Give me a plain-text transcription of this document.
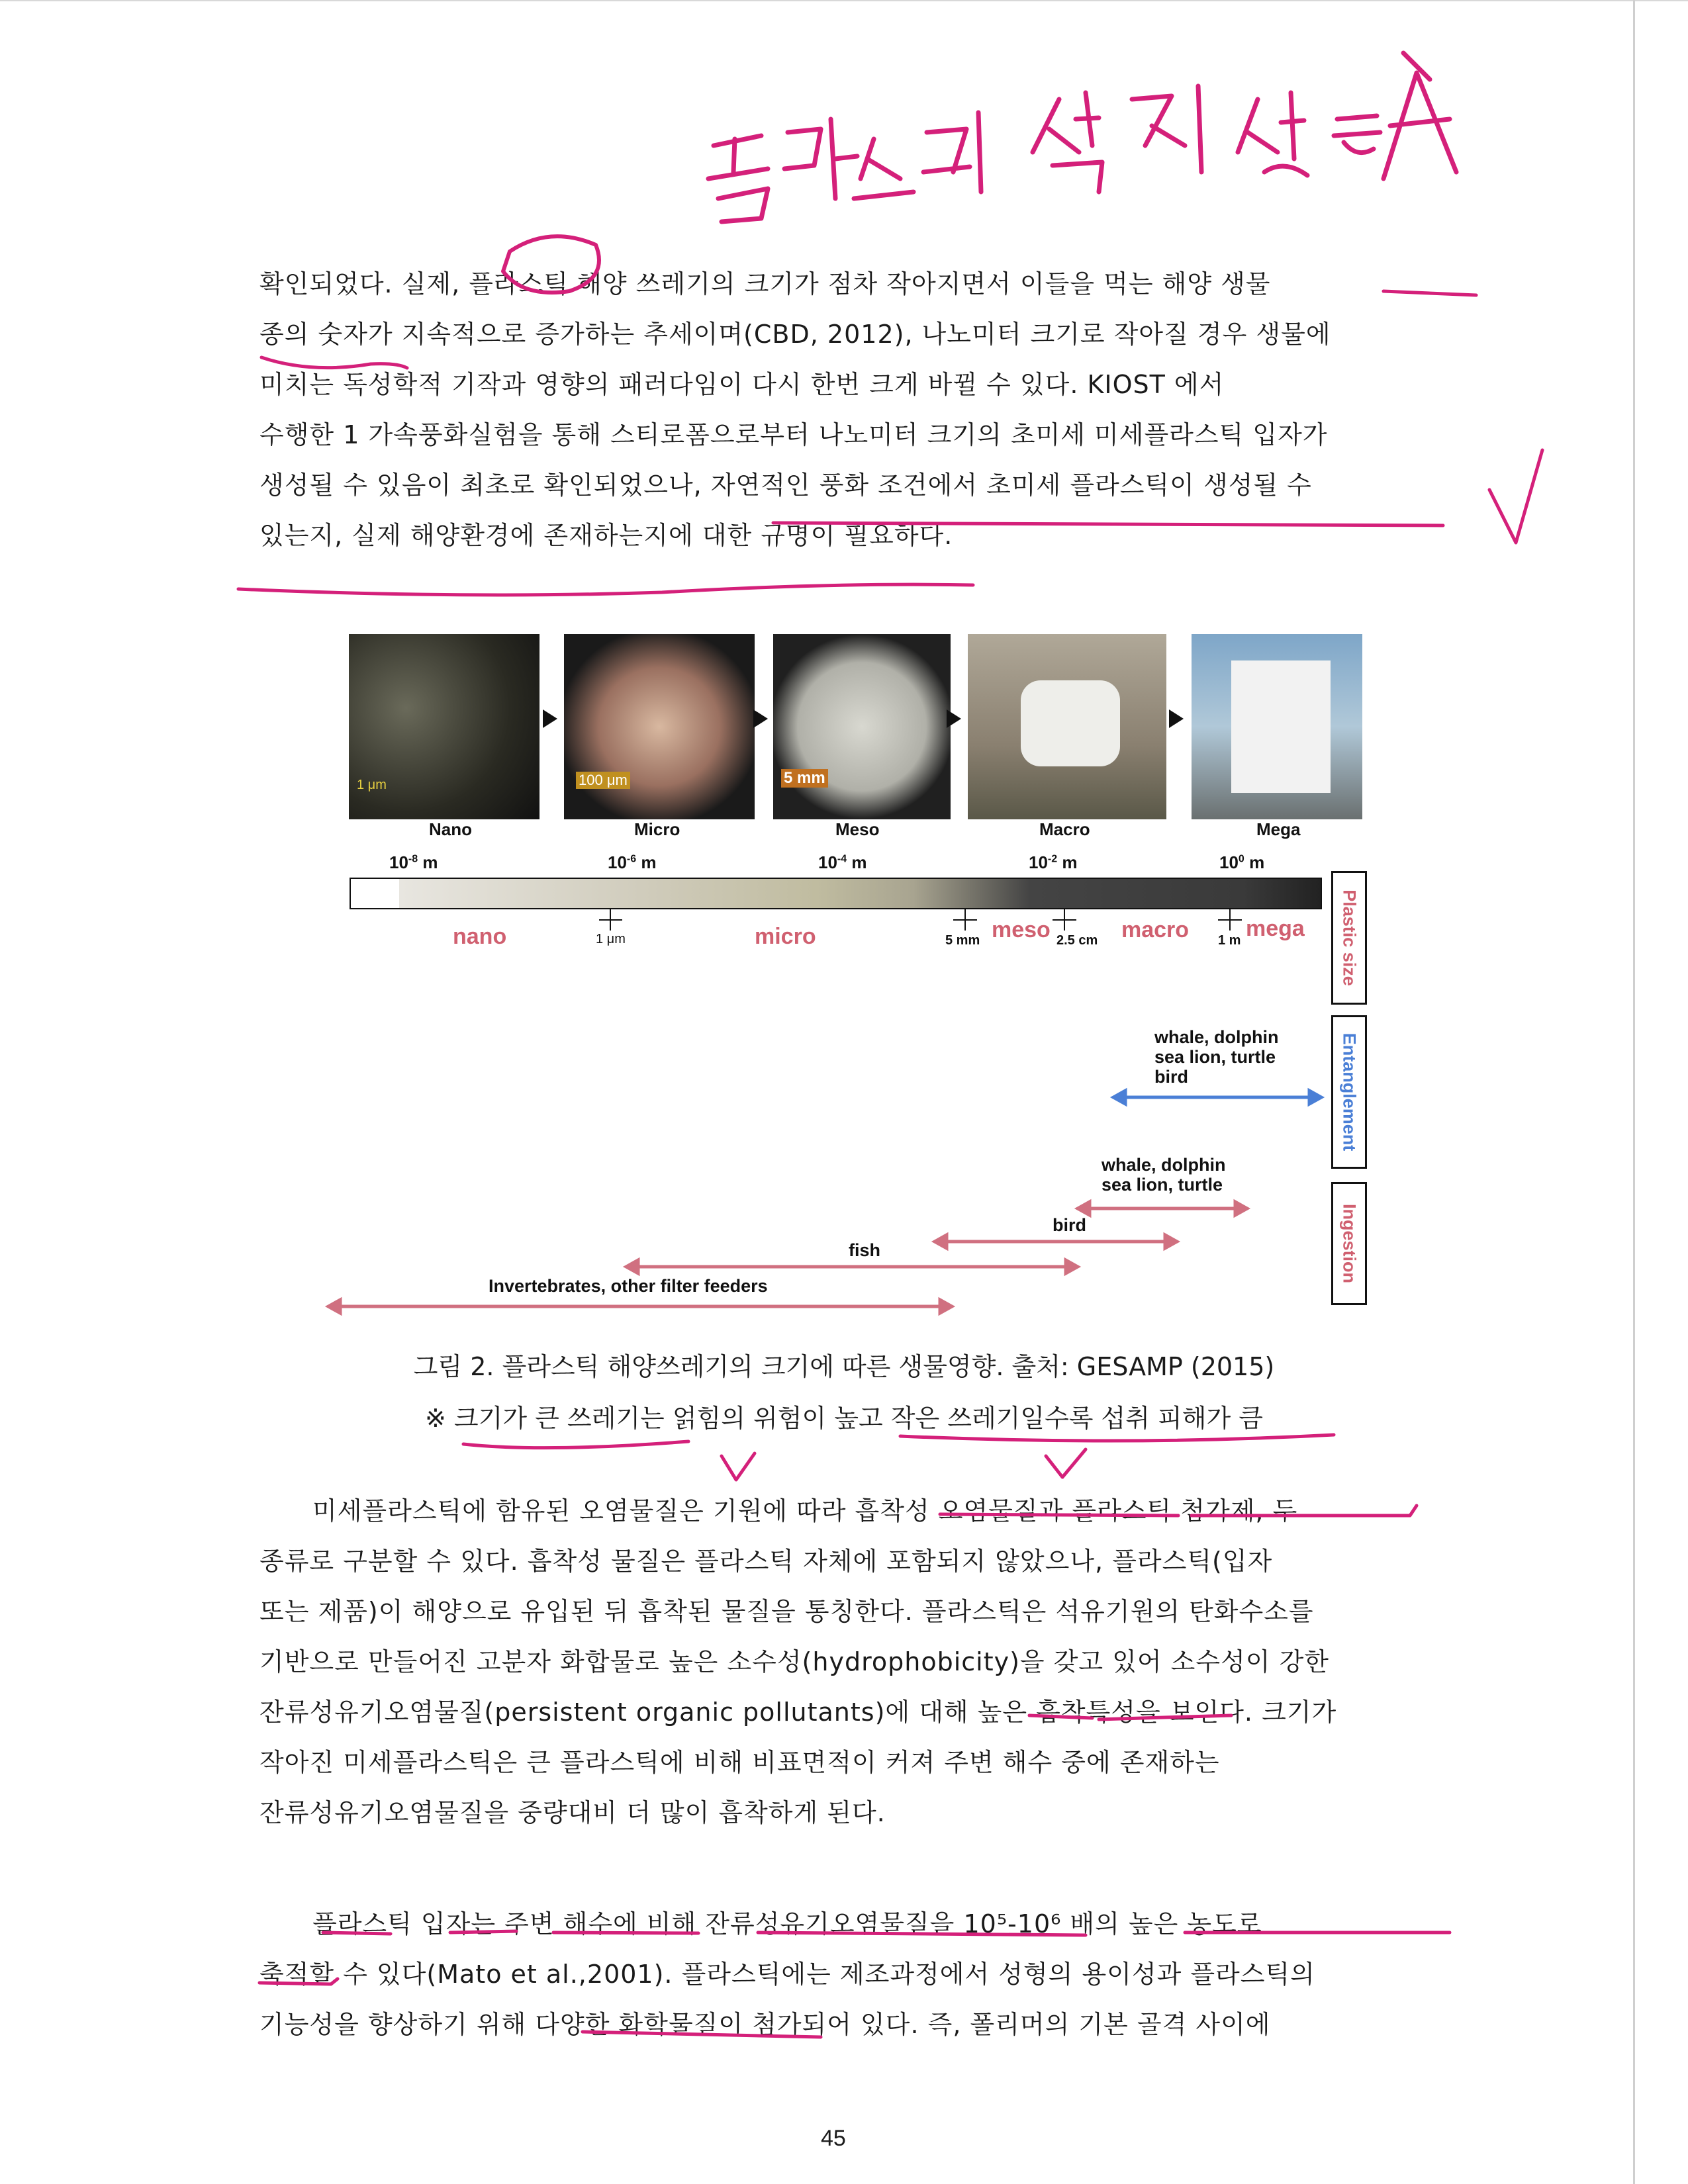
확인되었다. 실제, 플라스틱 해양 쓰레기의 크기가 점차 작아지면서 이들을 먹는 해양 생물
종의 숫자가 지속적으로 증가하는 추세이며(CBD, 2012), 나노미터 크기로 작아질 경우 생물에
미치는 독성학적 기작과 영향의 패러다임이 다시 한번 크게 바뀔 수 있다. KIOST 에서
수행한 1 가속풍화실험을 통해 스티로폼으로부터 나노미터 크기의 초미세 미세플라스틱 입자가
생성될 수 있음이 최초로 확인되었으나, 자연적인 풍화 조건에서 초미세 플라스틱이 생성될 수
있는지, 실제 해양환경에 존재하는지에 대한 규명이 필요하다.
1 μm	100 μm	5 mm
Nano	Micro	Meso	Macro	Mega
$10^{-8}$ m	$10^{-6}$ m	$10^{-4}$ m	$10^{-2}$ m	$10^0$ m
nano	micro	meso	macro	mega
1 μm	5 mm	2.5 cm	1 m	Plastic size
Entanglement
Ingestion
whale, dolphin
sea lion, turtle
bird
whale, dolphin
sea lion, turtle
bird
fish
Invertebrates, other filter feeders
그림 2. 플라스틱 해양쓰레기의 크기에 따른 생물영향. 출처: GESAMP (2015)
※ 크기가 큰 쓰레기는 얽힘의 위험이 높고 작은 쓰레기일수록 섭취 피해가 큼
미세플라스틱에 함유된 오염물질은 기원에 따라 흡착성 오염물질과 플라스틱 첨가제, 두
종류로 구분할 수 있다. 흡착성 물질은 플라스틱 자체에 포함되지 않았으나, 플라스틱(입자
또는 제품)이 해양으로 유입된 뒤 흡착된 물질을 통칭한다. 플라스틱은 석유기원의 탄화수소를
기반으로 만들어진 고분자 화합물로 높은 소수성(hydrophobicity)을 갖고 있어 소수성이 강한
잔류성유기오염물질(persistent organic pollutants)에 대해 높은 흡착특성을 보인다. 크기가
작아진 미세플라스틱은 큰 플라스틱에 비해 비표면적이 커져 주변 해수 중에 존재하는
잔류성유기오염물질을 중량대비 더 많이 흡착하게 된다.
플라스틱 입자는 주변 해수에 비해 잔류성유기오염물질을 10⁵-10⁶ 배의 높은 농도로
축적할 수 있다(Mato et al.,2001). 플라스틱에는 제조과정에서 성형의 용이성과 플라스틱의
기능성을 향상하기 위해 다양한 화학물질이 첨가되어 있다. 즉, 폴리머의 기본 골격 사이에
45
